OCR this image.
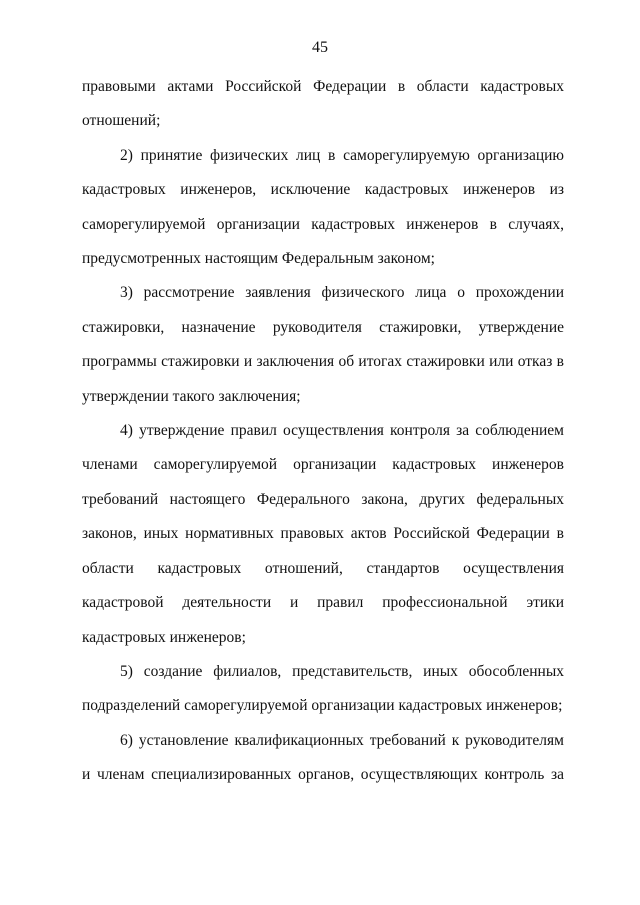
45

правовыми актами Российской Федерации в области кадастровых отношений;

2) принятие физических лиц в саморегулируемую организацию кадастровых инженеров, исключение кадастровых инженеров из саморегулируемой организации кадастровых инженеров в случаях, предусмотренных настоящим Федеральным законом;

3) рассмотрение заявления физического лица о прохождении стажировки, назначение руководителя стажировки, утверждение программы стажировки и заключения об итогах стажировки или отказ в утверждении такого заключения;

4) утверждение правил осуществления контроля за соблюдением членами саморегулируемой организации кадастровых инженеров требований настоящего Федерального закона, других федеральных законов, иных нормативных правовых актов Российской Федерации в области кадастровых отношений, стандартов осуществления кадастровой деятельности и правил профессиональной этики кадастровых инженеров;

5) создание филиалов, представительств, иных обособленных подразделений саморегулируемой организации кадастровых инженеров;

6) установление квалификационных требований к руководителям и членам специализированных органов, осуществляющих контроль за
